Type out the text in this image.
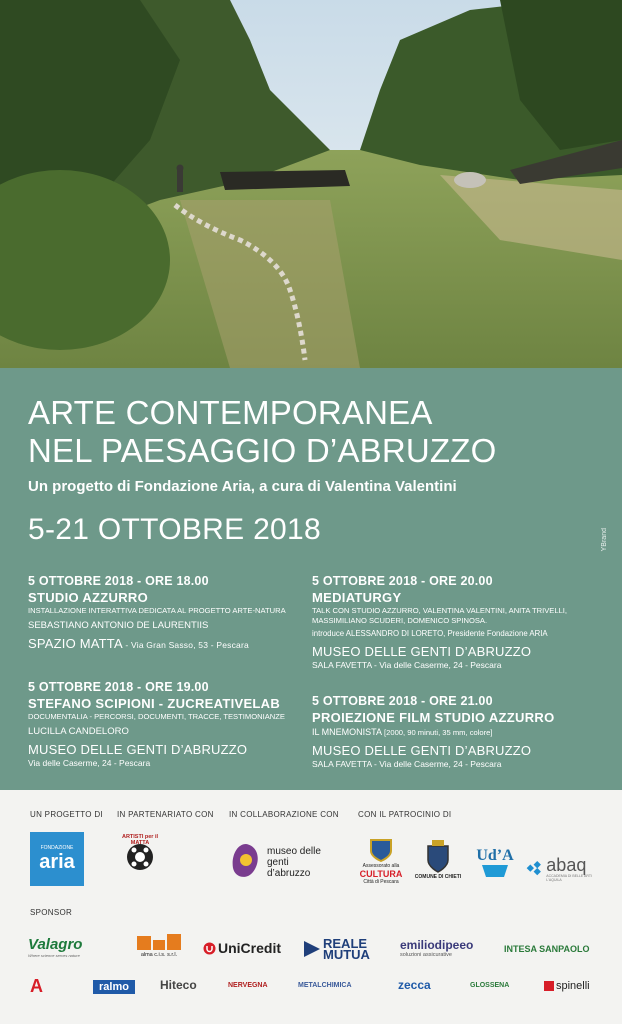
ARTE CONTEMPORANEA
NEL PAESAGGIO D’ABRUZZO
Un progetto di Fondazione Aria, a cura di Valentina Valentini
5-21 OTTOBRE 2018	YBrand
5 OTTOBRE 2018 - ORE 18.00
STUDIO AZZURRO
INSTALLAZIONE INTERATTIVA DEDICATA AL PROGETTO ARTE-NATURA
SEBASTIANO ANTONIO DE LAURENTIIS
SPAZIO MATTA - Via Gran Sasso, 53 - Pescara
5 OTTOBRE 2018 - ORE 20.00
MEDIATURGY
TALK CON STUDIO AZZURRO, VALENTINA VALENTINI, ANITA TRIVELLI, MASSIMILIANO SCUDERI, DOMENICO SPINOSA.
introduce ALESSANDRO DI LORETO, Presidente Fondazione ARIA
MUSEO DELLE GENTI D’ABRUZZO
SALA FAVETTA - Via delle Caserme, 24 - Pescara
5 OTTOBRE 2018 - ORE 19.00
STEFANO SCIPIONI - ZUCREATIVELAB
DOCUMENTALIA - PERCORSI, DOCUMENTI, TRACCE, TESTIMONIANZE
LUCILLA CANDELORO
MUSEO DELLE GENTI D’ABRUZZO
Via delle Caserme, 24 - Pescara
5 OTTOBRE 2018 - ORE 21.00
PROIEZIONE FILM STUDIO AZZURRO
IL MNEMONISTA [2000, 90 minuti, 35 mm, colore]
MUSEO DELLE GENTI D’ABRUZZO
SALA FAVETTA - Via delle Caserme, 24 - Pescara
UN PROGETTO DI IN PARTENARIATO CON IN COLLABORAZIONE CON CON IL PATROCINIO DI
FONDAZIONE
aria
ARTISTI per il MATTA
museo delle genti d’abruzzo
Assessorato alla
CULTURA
Città di Pescara
COMUNE DI CHIETI
Ud’A abaq
ACCADEMIA DI BELLE ARTI L'AQUILA
SPONSOR
Valagro
Where science serves nature	alma c.i.s. s.r.l.	UniCredit	REALE MUTUA
emiliodipeeo
soluzioni assicurative
INTESA SANPAOLO
A	ralmo	Hiteco	NERVEGNA	METALCHIMICA	zecca	GLOSSENA	spinelli
